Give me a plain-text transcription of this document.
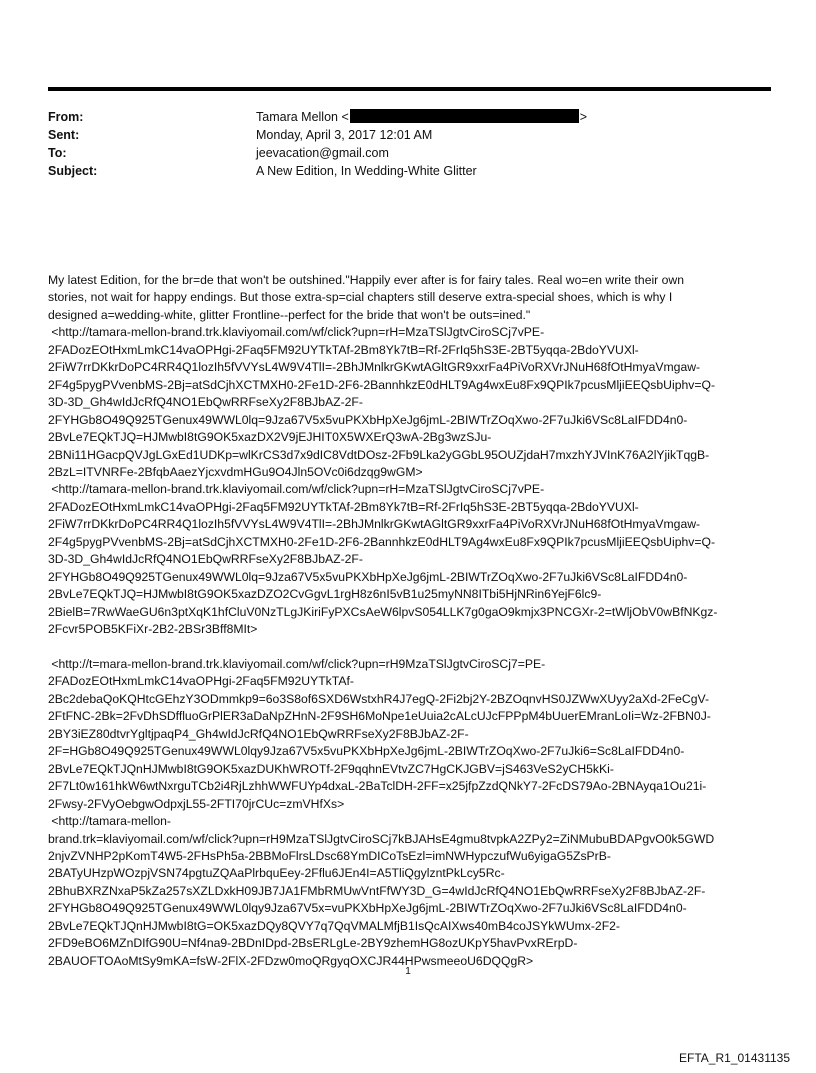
From:	Tamara Mellon <	>
Sent:	Monday, April 3, 2017 12:01 AM
To:	jeevacation@gmail.com
Subject:	A New Edition, In Wedding-White Glitter
My latest Edition, for the br=de that won't be outshined."Happily ever after is for fairy tales. Real wo=en write their own
stories, not wait for happy endings. But those extra-sp=cial chapters still deserve extra-special shoes, which is why I
designed a=wedding-white, glitter Frontline--perfect for the bride that won't be outs=ined."
<http://tamara-mellon-brand.trk.klaviyomail.com/wf/click?upn=rH=MzaTSlJgtvCiroSCj7vPE-
2FADozEOtHxmLmkC14vaOPHgi-2Faq5FM92UYTkTAf-2Bm8Yk7tB=Rf-2FrIq5hS3E-2BT5yqqa-2BdoYVUXl-
2FiW7rrDKkrDoPC4RR4Q1lozIh5fVVYsL4W9V4TlI=-2BhJMnlkrGKwtAGltGR9xxrFa4PiVoRXVrJNuH68fOtHmyaVmgaw-
2F4g5pygPVvenbMS-2Bj=atSdCjhXCTMXH0-2Fe1D-2F6-2BannhkzE0dHLT9Ag4wxEu8Fx9QPIk7pcusMljiEEQsbUiphv=Q-
3D-3D_Gh4wIdJcRfQ4NO1EbQwRRFseXy2F8BJbAZ-2F-
2FYHGb8O49Q925TGenux49WWL0lq=9Jza67V5x5vuPKXbHpXeJg6jmL-2BIWTrZOqXwo-2F7uJki6VSc8LaIFDD4n0-
2BvLe7EQkTJQ=HJMwbI8tG9OK5xazDX2V9jEJHIT0X5WXErQ3wA-2Bg3wzSJu-
2BNi11HGacpQVJgLGxEd1UDKp=wlKrCS3d7x9dIC8VdtDOsz-2Fb9Lka2yGGbL95OUZjdaH7mxzhYJVInK76A2lYjikTqgB-
2BzL=ITVNRFe-2BfqbAaezYjcxvdmHGu9O4Jln5OVc0i6dzqg9wGM>
<http://tamara-mellon-brand.trk.klaviyomail.com/wf/click?upn=rH=MzaTSlJgtvCiroSCj7vPE-
2FADozEOtHxmLmkC14vaOPHgi-2Faq5FM92UYTkTAf-2Bm8Yk7tB=Rf-2FrIq5hS3E-2BT5yqqa-2BdoYVUXl-
2FiW7rrDKkrDoPC4RR4Q1lozIh5fVVYsL4W9V4TlI=-2BhJMnlkrGKwtAGltGR9xxrFa4PiVoRXVrJNuH68fOtHmyaVmgaw-
2F4g5pygPVvenbMS-2Bj=atSdCjhXCTMXH0-2Fe1D-2F6-2BannhkzE0dHLT9Ag4wxEu8Fx9QPIk7pcusMljiEEQsbUiphv=Q-
3D-3D_Gh4wIdJcRfQ4NO1EbQwRRFseXy2F8BJbAZ-2F-
2FYHGb8O49Q925TGenux49WWL0lq=9Jza67V5x5vuPKXbHpXeJg6jmL-2BIWTrZOqXwo-2F7uJki6VSc8LaIFDD4n0-
2BvLe7EQkTJQ=HJMwbI8tG9OK5xazDZO2CvGgvL1rgH8z6nI5vB1u25myNN8ITbi5HjNRin6YejF6lc9-
2BielB=7RwWaeGU6n3ptXqK1hfCluV0NzTLgJKiriFyPXCsAeW6lpvS054LLK7g0gaO9kmjx3PNCGXr-2=tWljObV0wBfNKgz-
2Fcvr5POB5KFiXr-2B2-2BSr3Bff8MIt>

<http://t=mara-mellon-brand.trk.klaviyomail.com/wf/click?upn=rH9MzaTSlJgtvCiroSCj7=PE-
2FADozEOtHxmLmkC14vaOPHgi-2Faq5FM92UYTkTAf-
2Bc2debaQoKQHtcGEhzY3ODmmkp9=6o3S8of6SXD6WstxhR4J7egQ-2Fi2bj2Y-2BZOqnvHS0JZWwXUyy2aXd-2FeCgV-
2FtFNC-2Bk=2FvDhSDffluoGrPlER3aDaNpZHnN-2F9SH6MoNpe1eUuia2cALcUJcFPPpM4bUuerEMranLoIi=Wz-2FBN0J-
2BY3iEZ80dtvrYgltjpaqP4_Gh4wIdJcRfQ4NO1EbQwRRFseXy2F8BJbAZ-2F-
2F=HGb8O49Q925TGenux49WWL0lqy9Jza67V5x5vuPKXbHpXeJg6jmL-2BIWTrZOqXwo-2F7uJki6=Sc8LaIFDD4n0-
2BvLe7EQkTJQnHJMwbI8tG9OK5xazDUKhWROTf-2F9qqhnEVtvZC7HgCKJGBV=jS463VeS2yCH5kKi-
2F7Lt0w161hkW6wtNxrguTCb2i4RjLzhhWWFUYp4dxaL-2BaTclDH-2FF=x25jfpZzdQNkY7-2FcDS79Ao-2BNAyqa1Ou21i-
2Fwsy-2FVyOebgwOdpxjL55-2FTI70jrCUc=zmVHfXs>
<http://tamara-mellon-
brand.trk=klaviyomail.com/wf/click?upn=rH9MzaTSlJgtvCiroSCj7kBJAHsE4gmu8tvpkA2ZPy2=ZiNMubuBDAPgvO0k5GWD
2njvZVNHP2pKomT4W5-2FHsPh5a-2BBMoFlrsLDsc68YmDICoTsEzl=imNWHypczufWu6yigaG5ZsPrB-
2BATyUHzpWOzpjVSN74pgtuZQAaPlrbquEey-2Fflu6JEn4I=A5TliQgylzntPkLcy5Rc-
2BhuBXRZNxaP5kZa257sXZLDxkH09JB7JA1FMbRMUwVntFfWY3D_G=4wIdJcRfQ4NO1EbQwRRFseXy2F8BJbAZ-2F-
2FYHGb8O49Q925TGenux49WWL0lqy9Jza67V5x=vuPKXbHpXeJg6jmL-2BIWTrZOqXwo-2F7uJki6VSc8LaIFDD4n0-
2BvLe7EQkTJQnHJMwbI8tG=OK5xazDQy8QVY7q7QqVMALMfjB1IsQcAIXws40mB4coJSYkWUmx-2F2-
2FD9eBO6MZnDIfG90U=Nf4na9-2BDnIDpd-2BsERLgLe-2BY9zhemHG8ozUKpY5havPvxRErpD-
2BAUOFTOAoMtSy9mKA=fsW-2FlX-2FDzw0moQRgyqOXCJR44HPwsmeeoU6DQQgR>
1
EFTA_R1_01431135
